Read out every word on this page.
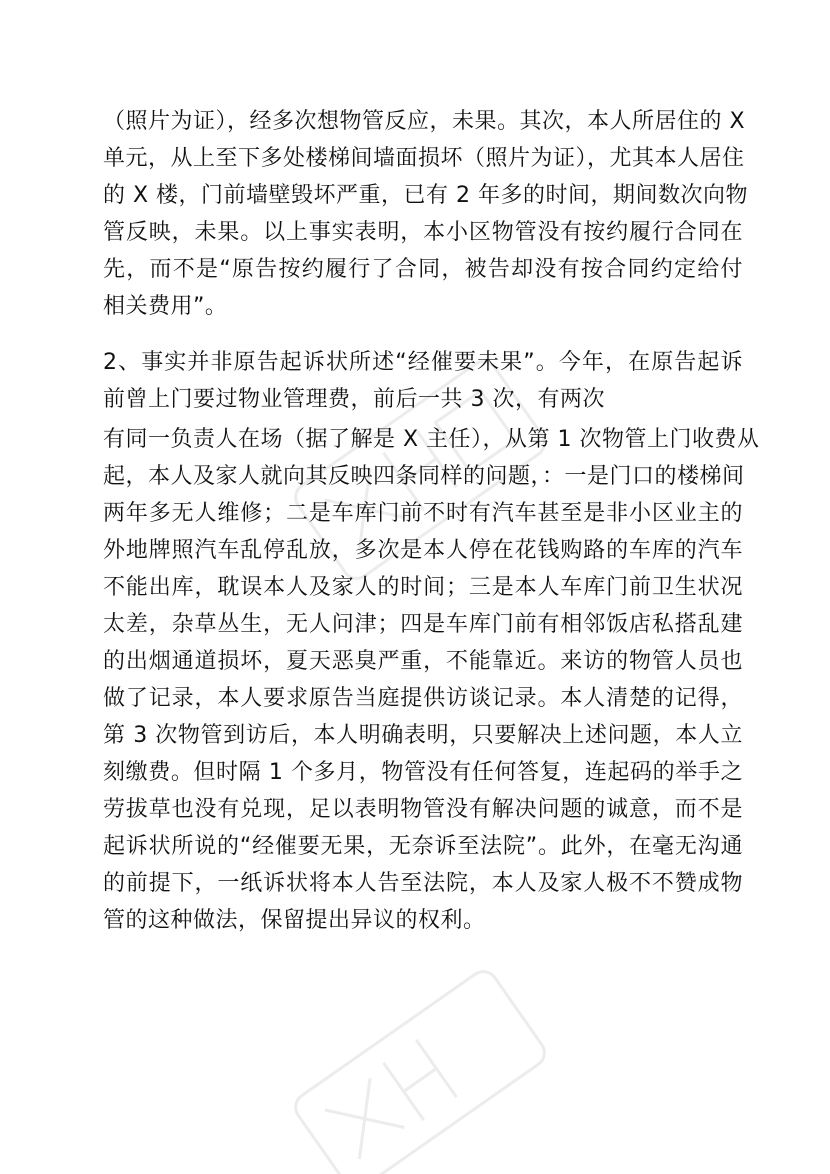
（照片为证），经多次想物管反应，未果。其次，本人所居住的 X
单元，从上至下多处楼梯间墙面损坏（照片为证），尤其本人居住
的 X 楼，门前墙壁毁坏严重，已有 2 年多的时间，期间数次向物
管反映，未果。以上事实表明，本小区物管没有按约履行合同在
先，而不是“原告按约履行了合同，被告却没有按合同约定给付
相关费用”。
2、事实并非原告起诉状所述“经催要未果”。今年，在原告起诉
前曾上门要过物业管理费，前后一共 3 次，有两次
有同一负责人在场（据了解是 X 主任），从第 1 次物管上门收费从
起，本人及家人就向其反映四条同样的问题，：一是门口的楼梯间
两年多无人维修；二是车库门前不时有汽车甚至是非小区业主的
外地牌照汽车乱停乱放，多次是本人停在花钱购路的车库的汽车
不能出库，耽误本人及家人的时间；三是本人车库门前卫生状况
太差，杂草丛生，无人问津；四是车库门前有相邻饭店私搭乱建
的出烟通道损坏，夏天恶臭严重，不能靠近。来访的物管人员也
做了记录，本人要求原告当庭提供访谈记录。本人清楚的记得，
第 3 次物管到访后，本人明确表明，只要解决上述问题，本人立
刻缴费。但时隔 1 个多月，物管没有任何答复，连起码的举手之
劳拔草也没有兑现，足以表明物管没有解决问题的诚意，而不是
起诉状所说的“经催要无果，无奈诉至法院”。此外，在毫无沟通
的前提下，一纸诉状将本人告至法院，本人及家人极不不赞成物
管的这种做法，保留提出异议的权利。
